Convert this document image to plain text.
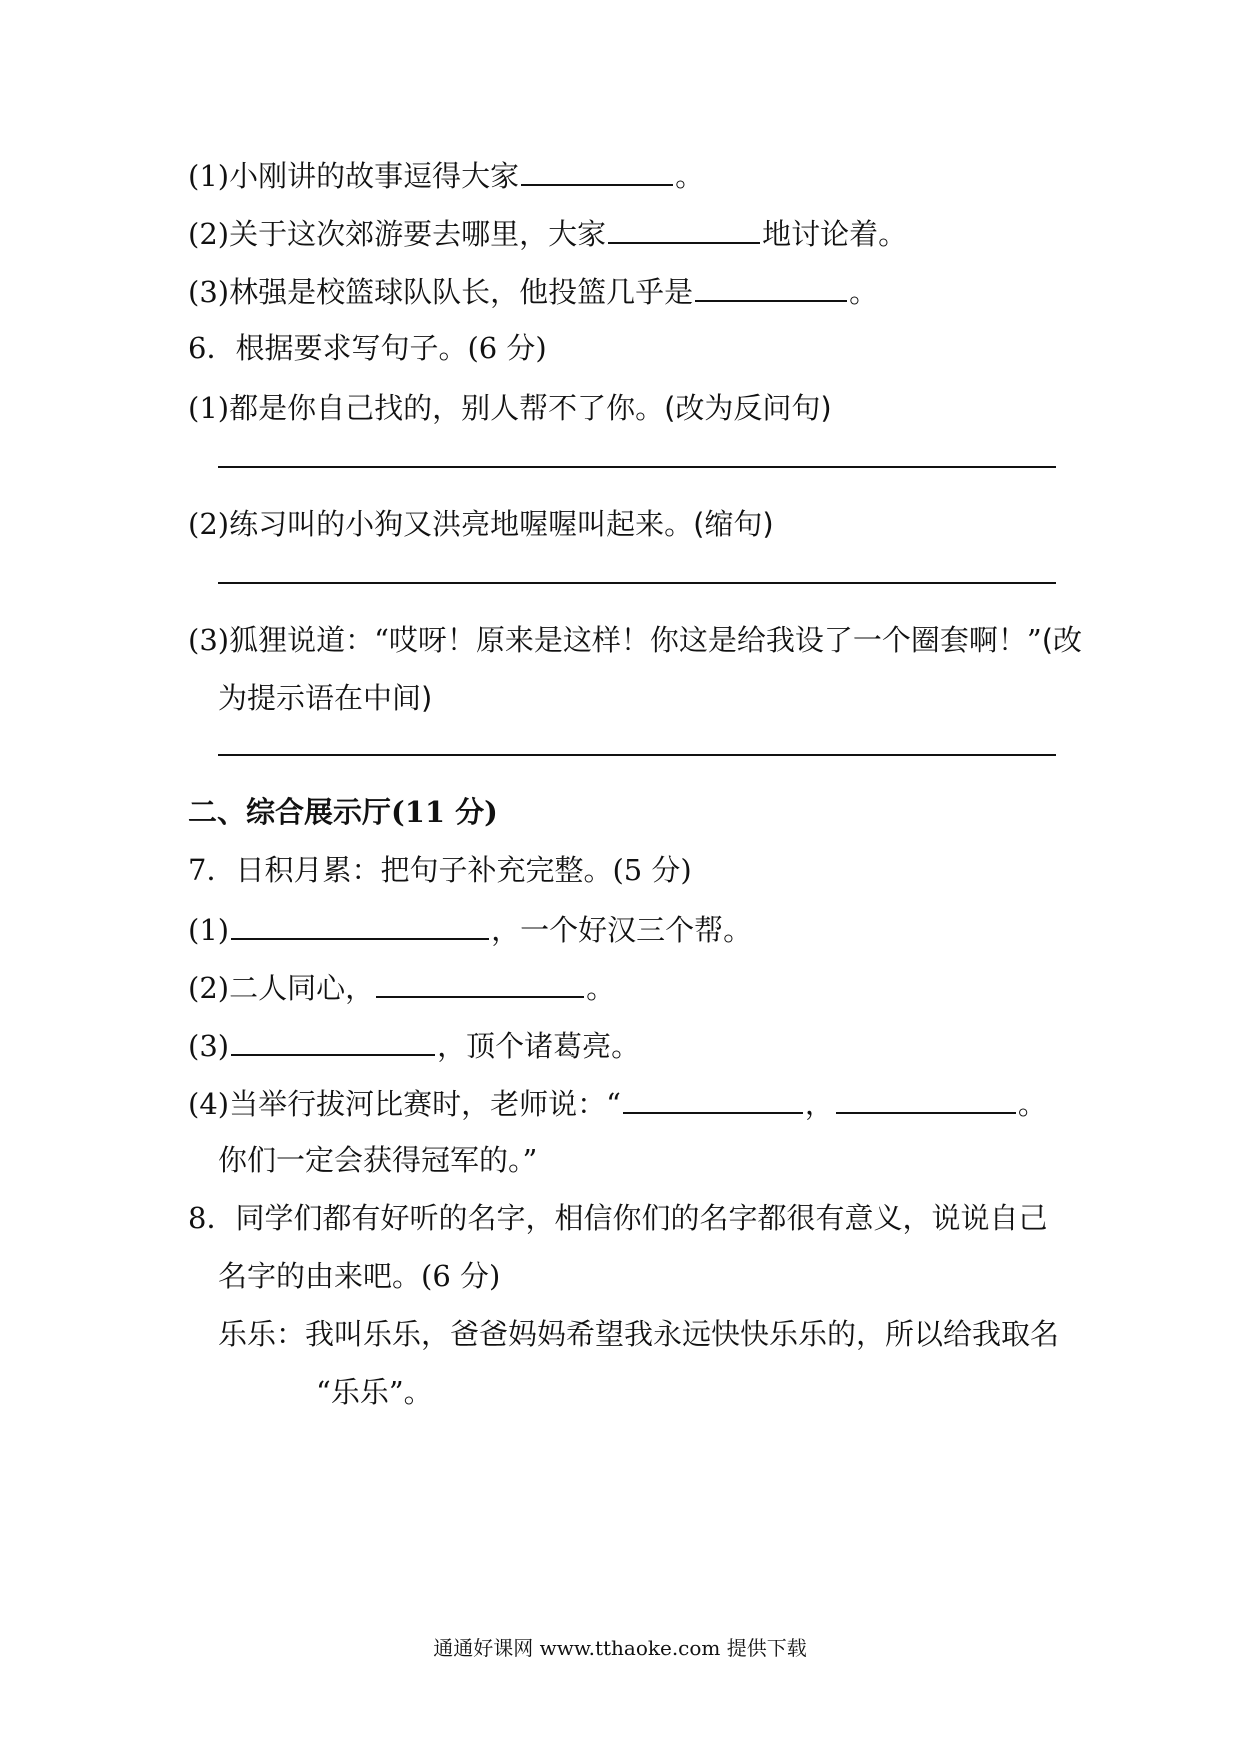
(1)小刚讲的故事逗得大家	。
(2)关于这次郊游要去哪里，大家	地讨论着。
(3)林强是校篮球队队长，他投篮几乎是	。
6．根据要求写句子。(6 分)
(1)都是你自己找的，别人帮不了你。(改为反问句)
(2)练习叫的小狗又洪亮地喔喔叫起来。(缩句)
(3)狐狸说道：“哎呀！原来是这样！你这是给我设了一个圈套啊！”(改
为提示语在中间)
二、综合展示厅(11 分)
7．日积月累：把句子补充完整。(5 分)
(1)	，一个好汉三个帮。
(2)二人同心，	。
(3)	，顶个诸葛亮。
(4)当举行拔河比赛时，老师说：“	，	。
你们一定会获得冠军的。”
8．同学们都有好听的名字，相信你们的名字都很有意义，说说自己
名字的由来吧。(6 分)
乐乐：我叫乐乐，爸爸妈妈希望我永远快快乐乐的，所以给我取名
“乐乐”。
通通好课网 www.tthaoke.com 提供下载
